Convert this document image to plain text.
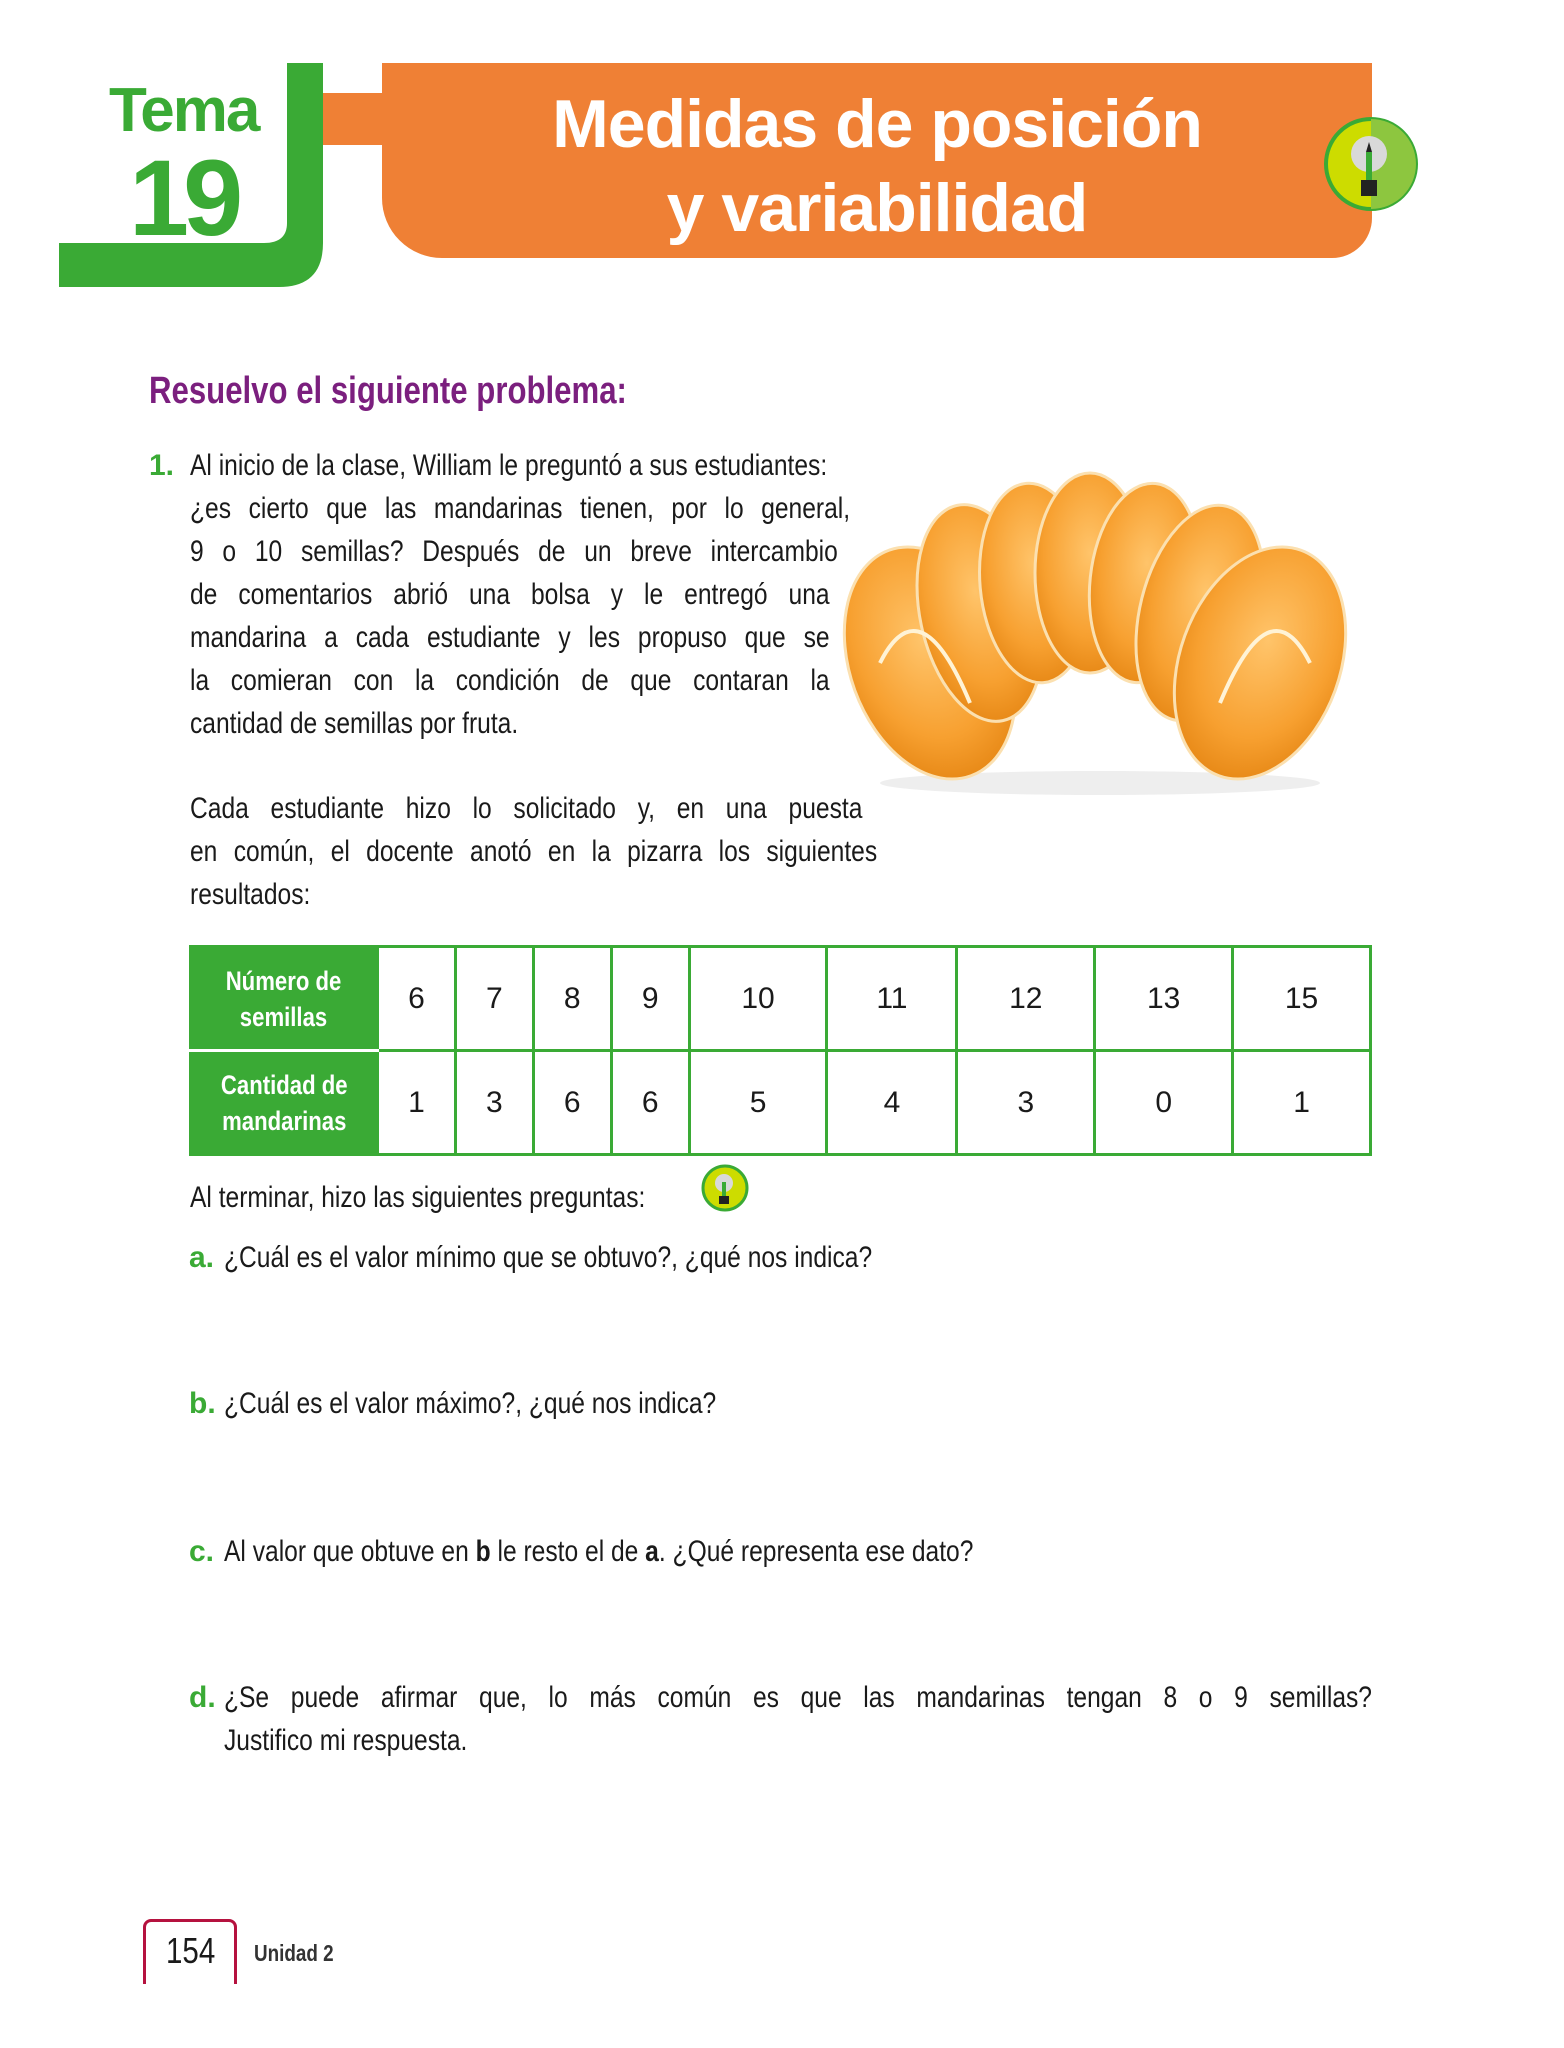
Tema
19
Medidas de posición
y variabilidad
Resuelvo el siguiente problema:
1. Al inicio de la clase, William le preguntó a sus estudiantes:
¿es cierto que las mandarinas tienen, por lo general,
9 o 10 semillas? Después de un breve intercambio
de comentarios abrió una bolsa y le entregó una
mandarina a cada estudiante y les propuso que se
la comieran con la condición de que contaran la
cantidad de semillas por fruta.
Cada estudiante hizo lo solicitado y, en una puesta
en común, el docente anotó en la pizarra los siguientes
resultados:
Número de
semillas	6	7	8	9	10	11	12	13	15
Cantidad de
mandarinas	1	3	6	6	5	4	3	0	1
Al terminar, hizo las siguientes preguntas:
a. ¿Cuál es el valor mínimo que se obtuvo?, ¿qué nos indica?
b. ¿Cuál es el valor máximo?, ¿qué nos indica?
c. Al valor que obtuve en b le resto el de a. ¿Qué representa ese dato?
d. ¿Se puede afirmar que, lo más común es que las mandarinas tengan 8 o 9 semillas?
Justifico mi respuesta.
154 Unidad 2
